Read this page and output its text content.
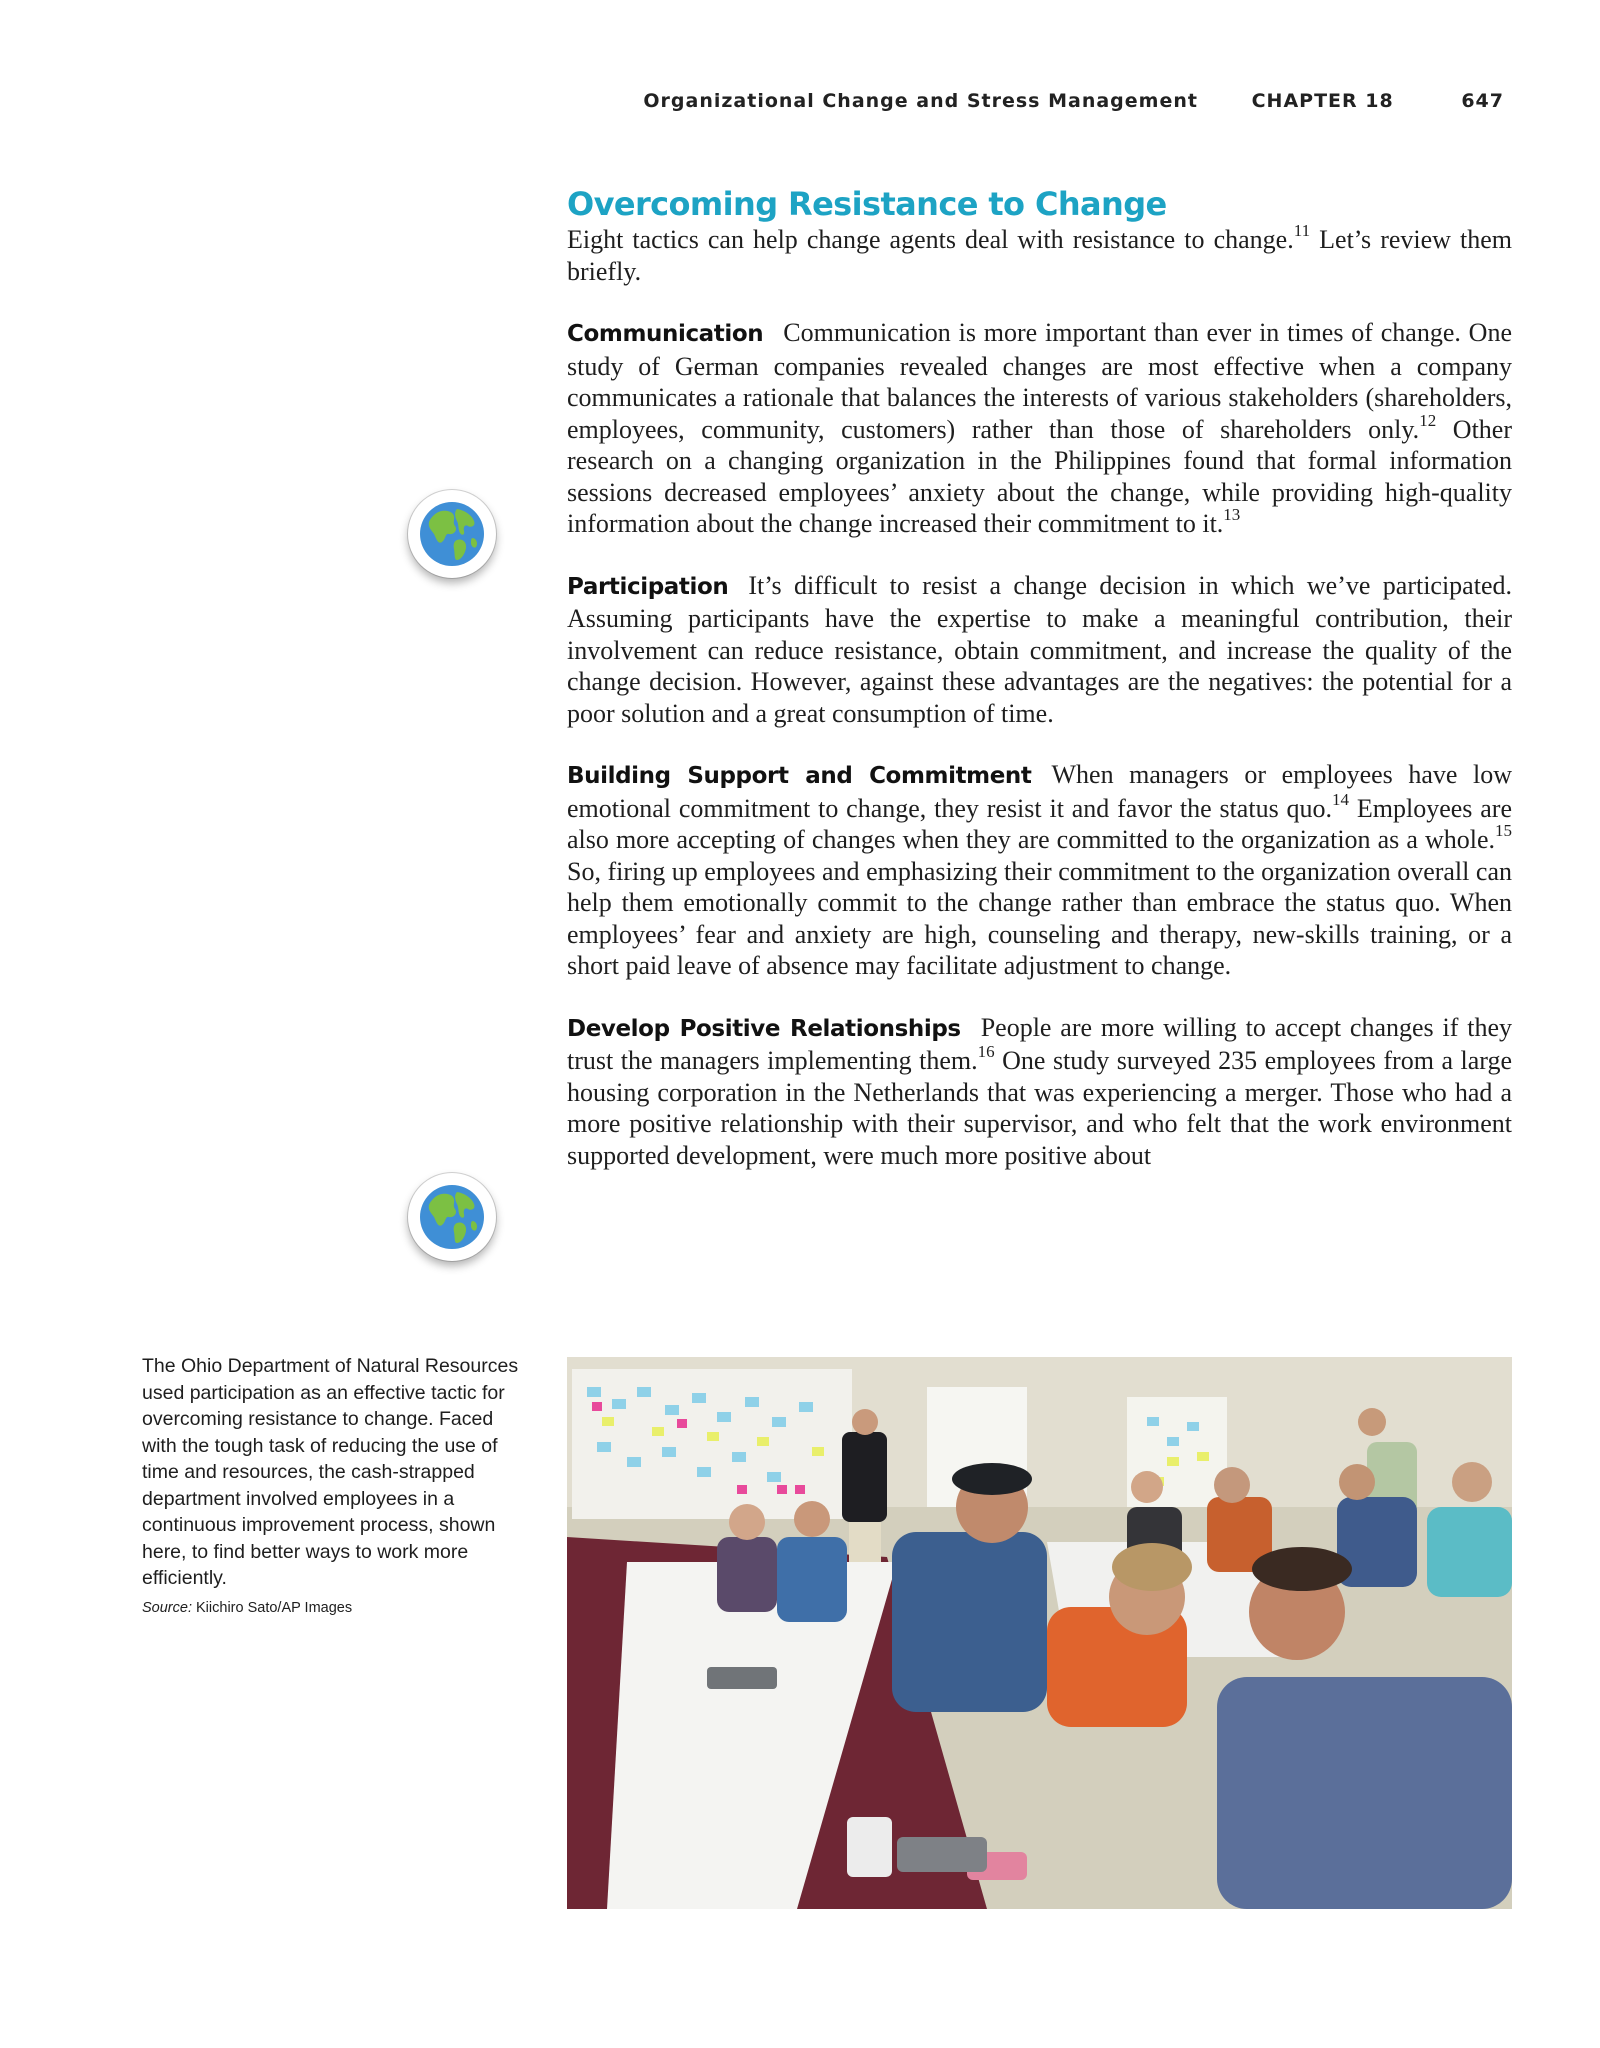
Organizational Change and Stress Management	CHAPTER 18	647
Overcoming Resistance to Change

Eight tactics can help change agents deal with resistance to change.$^{11}$ Let’s review them briefly.

Communication Communication is more important than ever in times of change. One study of German companies revealed changes are most effective when a company communicates a rationale that balances the interests of various stakeholders (shareholders, employees, community, customers) rather than those of shareholders only.$^{12}$ Other research on a changing organization in the Philippines found that formal information sessions decreased employees’ anxiety about the change, while providing high-quality information about the change increased their commitment to it.$^{13}$

Participation It’s difficult to resist a change decision in which we’ve participated. Assuming participants have the expertise to make a meaningful contribution, their involvement can reduce resistance, obtain commitment, and increase the quality of the change decision. However, against these advantages are the negatives: the potential for a poor solution and a great consumption of time.

Building Support and Commitment When managers or employees have low emotional commitment to change, they resist it and favor the status quo.$^{14}$ Employees are also more accepting of changes when they are committed to the organization as a whole.$^{15}$ So, firing up employees and emphasizing their commitment to the organization overall can help them emotionally commit to the change rather than embrace the status quo. When employees’ fear and anxiety are high, counseling and therapy, new-skills training, or a short paid leave of absence may facilitate adjustment to change.

Develop Positive Relationships People are more willing to accept changes if they trust the managers implementing them.$^{16}$ One study surveyed 235 employees from a large housing corporation in the Netherlands that was experiencing a merger. Those who had a more positive relationship with their supervisor, and who felt that the work environment supported development, were much more positive about

The Ohio Department of Natural Resources used participation as an effective tactic for overcoming resistance to change. Faced with the tough task of reducing the use of time and resources, the cash-strapped department involved employees in a continuous improvement process, shown here, to find better ways to work more efficiently.
Source: Kiichiro Sato/AP Images
